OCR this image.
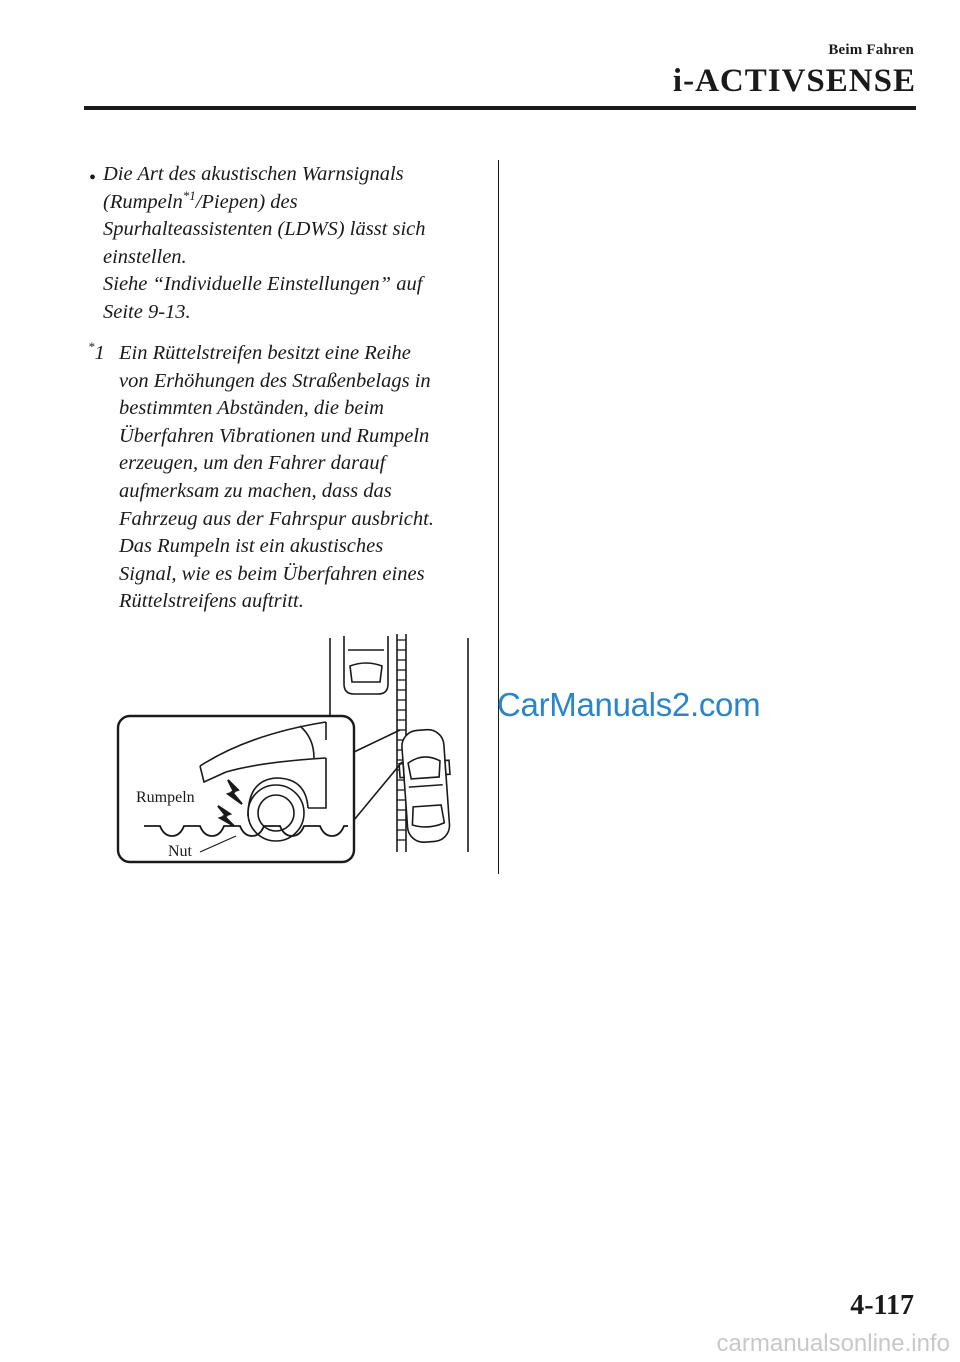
Beim Fahren
i-ACTIVSENSE
• Die Art des akustischen Warnsignals
(Rumpeln$^{*1}$/Piepen) des
Spurhalteassistenten (LDWS) lässt sich
einstellen.
Siehe “Individuelle Einstellungen” auf
Seite 9-13.
*1 Ein Rüttelstreifen besitzt eine Reihe
von Erhöhungen des Straßenbelags in
bestimmten Abständen, die beim
Überfahren Vibrationen und Rumpeln
erzeugen, um den Fahrer darauf
aufmerksam zu machen, dass das
Fahrzeug aus der Fahrspur ausbricht.
Das Rumpeln ist ein akustisches
Signal, wie es beim Überfahren eines
Rüttelstreifens auftritt.
Rumpeln
Nut
CarManuals2.com
4-117
carmanualsonline.info
